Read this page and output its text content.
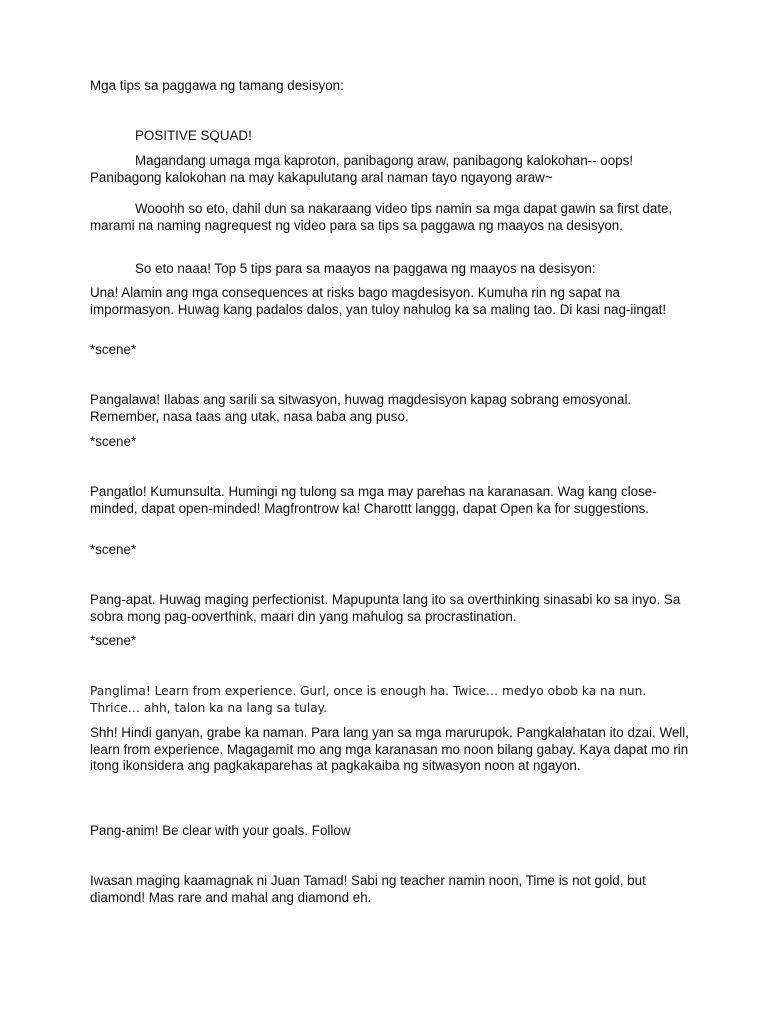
Mga tips sa paggawa ng tamang desisyon:

POSITIVE SQUAD!

Magandang umaga mga kaproton, panibagong araw, panibagong kalokohan-- oops! Panibagong kalokohan na may kakapulutang aral naman tayo ngayong araw~

Wooohh so eto, dahil dun sa nakaraang video tips namin sa mga dapat gawin sa first date, marami na naming nagrequest ng video para sa tips sa paggawa ng maayos na desisyon.

So eto naaa! Top 5 tips para sa maayos na paggawa ng maayos na desisyon:

Una! Alamin ang mga consequences at risks bago magdesisyon. Kumuha rin ng sapat na impormasyon. Huwag kang padalos dalos, yan tuloy nahulog ka sa maling tao. Di kasi nag-iingat!

*scene*

Pangalawa! Ilabas ang sarili sa sitwasyon, huwag magdesisyon kapag sobrang emosyonal. Remember, nasa taas ang utak, nasa baba ang puso.

*scene*

Pangatlo! Kumunsulta. Humingi ng tulong sa mga may parehas na karanasan. Wag kang close-minded, dapat open-minded! Magfrontrow ka! Charottt langgg, dapat Open ka for suggestions.

*scene*

Pang-apat. Huwag maging perfectionist. Mapupunta lang ito sa overthinking sinasabi ko sa inyo. Sa sobra mong pag-ooverthink, maari din yang mahulog sa procrastination.

*scene*

Panglima! Learn from experience. Gurl, once is enough ha. Twice… medyo obob ka na nun. Thrice… ahh, talon ka na lang sa tulay.

Shh! Hindi ganyan, grabe ka naman. Para lang yan sa mga marurupok. Pangkalahatan ito dzai. Well, learn from experience. Magagamit mo ang mga karanasan mo noon bilang gabay. Kaya dapat mo rin itong ikonsidera ang pagkakaparehas at pagkakaiba ng sitwasyon noon at ngayon.

Pang-anim! Be clear with your goals. Follow

Iwasan maging kaamagnak ni Juan Tamad! Sabi ng teacher namin noon, Time is not gold, but diamond! Mas rare and mahal ang diamond eh.
